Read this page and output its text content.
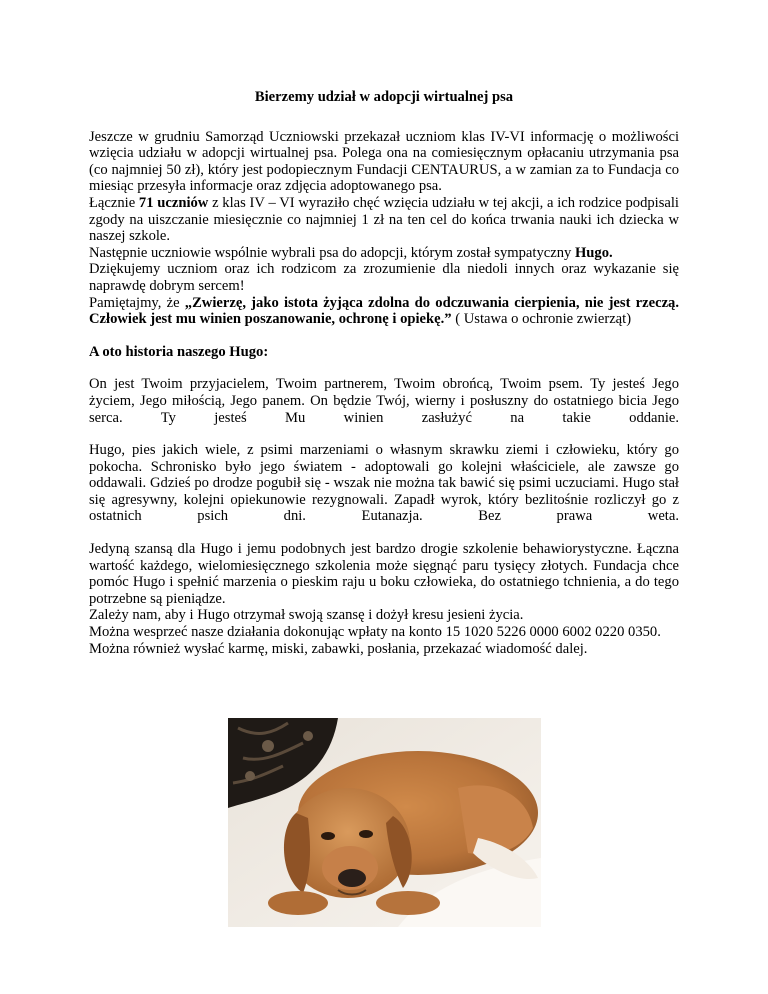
Bierzemy udział w adopcji wirtualnej psa

Jeszcze w grudniu Samorząd Uczniowski przekazał uczniom klas IV-VI informację o możliwości wzięcia udziału w adopcji wirtualnej psa. Polega ona na comiesięcznym opłacaniu utrzymania psa (co najmniej 50 zł), który jest podopiecznym Fundacji CENTAURUS, a w zamian za to Fundacja co miesiąc przesyła informacje oraz zdjęcia adoptowanego psa.

Łącznie 71 uczniów z klas IV – VI wyraziło chęć wzięcia udziału w tej akcji, a ich rodzice podpisali zgody na uiszczanie miesięcznie co najmniej 1 zł na ten cel do końca trwania nauki ich dziecka w naszej szkole.

Następnie uczniowie wspólnie wybrali psa do adopcji, którym został sympatyczny Hugo.

Dziękujemy uczniom oraz ich rodzicom za zrozumienie dla niedoli innych oraz wykazanie się naprawdę dobrym sercem!

Pamiętajmy, że „Zwierzę, jako istota żyjąca zdolna do odczuwania cierpienia, nie jest rzeczą. Człowiek jest mu winien poszanowanie, ochronę i opiekę.” ( Ustawa o ochronie zwierząt)

A oto historia naszego Hugo:

On jest Twoim przyjacielem, Twoim partnerem, Twoim obrońcą, Twoim psem. Ty jesteś Jego życiem, Jego miłością, Jego panem. On będzie Twój, wierny i posłuszny do ostatniego bicia Jego serca. Ty jesteś Mu winien zasłużyć na takie oddanie.

Hugo, pies jakich wiele, z psimi marzeniami o własnym skrawku ziemi i człowieku, który go pokocha. Schronisko było jego światem - adoptowali go kolejni właściciele, ale zawsze go oddawali. Gdzieś po drodze pogubił się - wszak nie można tak bawić się psimi uczuciami. Hugo stał się agresywny, kolejni opiekunowie rezygnowali. Zapadł wyrok, który bezlitośnie rozliczył go z ostatnich psich dni. Eutanazja. Bez prawa weta.

Jedyną szansą dla Hugo i jemu podobnych jest bardzo drogie szkolenie behawiorystyczne. Łączna wartość każdego, wielomiesięcznego szkolenia może sięgnąć paru tysięcy złotych. Fundacja chce pomóc Hugo i spełnić marzenia o pieskim raju u boku człowieka, do ostatniego tchnienia, a do tego potrzebne są pieniądze.

Zależy nam, aby i Hugo otrzymał swoją szansę i dożył kresu jesieni życia.

Można wesprzeć nasze działania dokonując wpłaty na konto 15 1020 5226 0000 6002 0220 0350.

Można również wysłać karmę, miski, zabawki, posłania, przekazać wiadomość dalej.
